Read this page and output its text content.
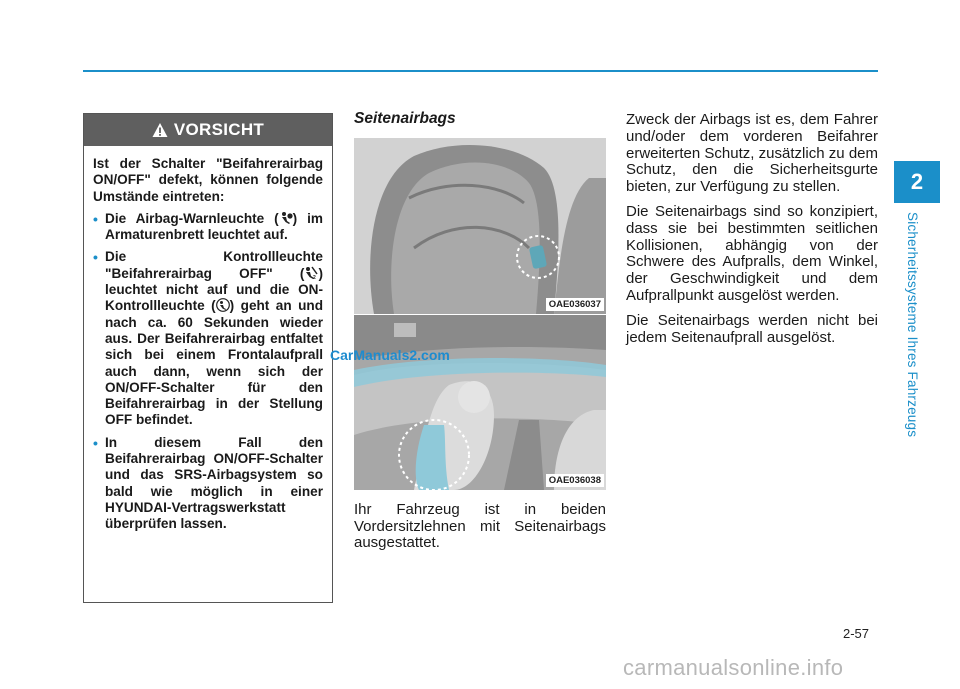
2
Sicherheitssysteme Ihres Fahrzeugs
VORSICHT

Ist der Schalter "Beifahrerairbag ON/OFF" defekt, können folgende Umstände eintreten:

• Die Airbag-Warnleuchte ( ) im Armaturenbrett leuchtet auf.
• Die Kontrollleuchte "Beifahrerairbag OFF" ( 2 ) leuchtet nicht auf und die ON-Kontrollleuchte ( ) geht an und nach ca. 60 Sekunden wieder aus. Der Beifahrerairbag entfaltet sich bei einem Frontalaufprall auch dann, wenn sich der ON/OFF-Schalter für den Beifahrerairbag in der Stellung OFF befindet.
• In diesem Fall den Beifahrerairbag ON/OFF-Schalter und das SRS-Airbagsystem so bald wie möglich in einer HYUNDAI-Vertragswerkstatt überprüfen lassen.
Seitenairbags
OAE036037
OAE036038
CarManuals2.com
Ihr Fahrzeug ist in beiden Vordersitzlehnen mit Seitenairbags ausgestattet.

Zweck der Airbags ist es, dem Fahrer und/oder dem vorderen Beifahrer erweiterten Schutz, zusätzlich zu dem Schutz, den die Sicherheitsgurte bieten, zur Verfügung zu stellen.

Die Seitenairbags sind so konzipiert, dass sie bei bestimmten seitlichen Kollisionen, abhängig von der Schwere des Aufpralls, dem Winkel, der Geschwindigkeit und dem Aufprallpunkt ausgelöst werden.

Die Seitenairbags werden nicht bei jedem Seitenaufprall ausgelöst.

2-57
carmanualsonline.info
